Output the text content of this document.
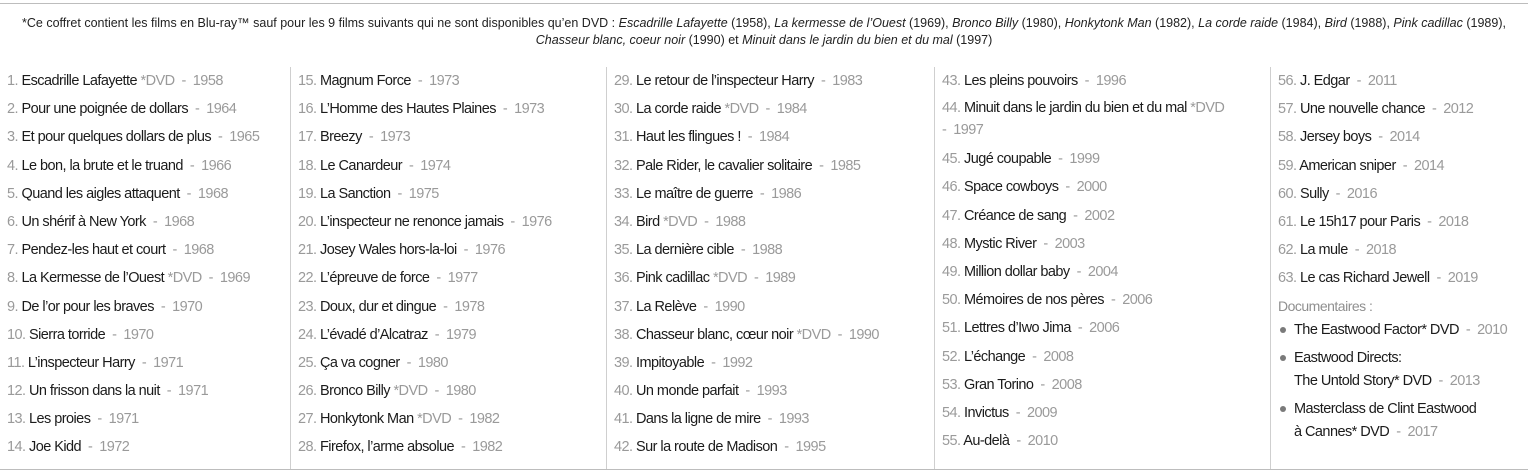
*Ce coffret contient les films en Blu-ray™ sauf pour les 9 films suivants qui ne sont disponibles qu’en DVD : Escadrille Lafayette (1958), La kermesse de l’Ouest (1969), Bronco Billy (1980), Honkytonk Man (1982), La corde raide (1984), Bird (1988), Pink cadillac (1989),
Chasseur blanc, coeur noir (1990) et Minuit dans le jardin du bien et du mal (1997)
1. Escadrille Lafayette *DVD - 1958
2. Pour une poignée de dollars - 1964
3. Et pour quelques dollars de plus - 1965
4. Le bon, la brute et le truand - 1966
5. Quand les aigles attaquent - 1968
6. Un shérif à New York - 1968
7. Pendez-les haut et court - 1968
8. La Kermesse de l’Ouest *DVD - 1969
9. De l’or pour les braves - 1970
10. Sierra torride - 1970
11. L’inspecteur Harry - 1971
12. Un frisson dans la nuit - 1971
13. Les proies - 1971
14. Joe Kidd - 1972
15. Magnum Force - 1973
16. L’Homme des Hautes Plaines - 1973
17. Breezy - 1973
18. Le Canardeur - 1974
19. La Sanction - 1975
20. L’inspecteur ne renonce jamais - 1976
21. Josey Wales hors-la-loi - 1976
22. L’épreuve de force - 1977
23. Doux, dur et dingue - 1978
24. L’évadé d’Alcatraz - 1979
25. Ça va cogner - 1980
26. Bronco Billy *DVD - 1980
27. Honkytonk Man *DVD - 1982
28. Firefox, l’arme absolue - 1982
29. Le retour de l’inspecteur Harry - 1983
30. La corde raide *DVD - 1984
31. Haut les flingues ! - 1984
32. Pale Rider, le cavalier solitaire - 1985
33. Le maître de guerre - 1986
34. Bird *DVD - 1988
35. La dernière cible - 1988
36. Pink cadillac *DVD - 1989
37. La Relève - 1990
38. Chasseur blanc, cœur noir *DVD - 1990
39. Impitoyable - 1992
40. Un monde parfait - 1993
41. Dans la ligne de mire - 1993
42. Sur la route de Madison - 1995
43. Les pleins pouvoirs - 1996
44. Minuit dans le jardin du bien et du mal *DVD
- 1997
45. Jugé coupable - 1999
46. Space cowboys - 2000
47. Créance de sang - 2002
48. Mystic River - 2003
49. Million dollar baby - 2004
50. Mémoires de nos pères - 2006
51. Lettres d’Iwo Jima - 2006
52. L’échange - 2008
53. Gran Torino - 2008
54. Invictus - 2009
55. Au-delà - 2010
56. J. Edgar - 2011
57. Une nouvelle chance - 2012
58. Jersey boys - 2014
59. American sniper - 2014
60. Sully - 2016
61. Le 15h17 pour Paris - 2018
62. La mule - 2018
63. Le cas Richard Jewell - 2019
Documentaires :
The Eastwood Factor* DVD - 2010
Eastwood Directs:
The Untold Story* DVD - 2013
Masterclass de Clint Eastwood
à Cannes* DVD - 2017
